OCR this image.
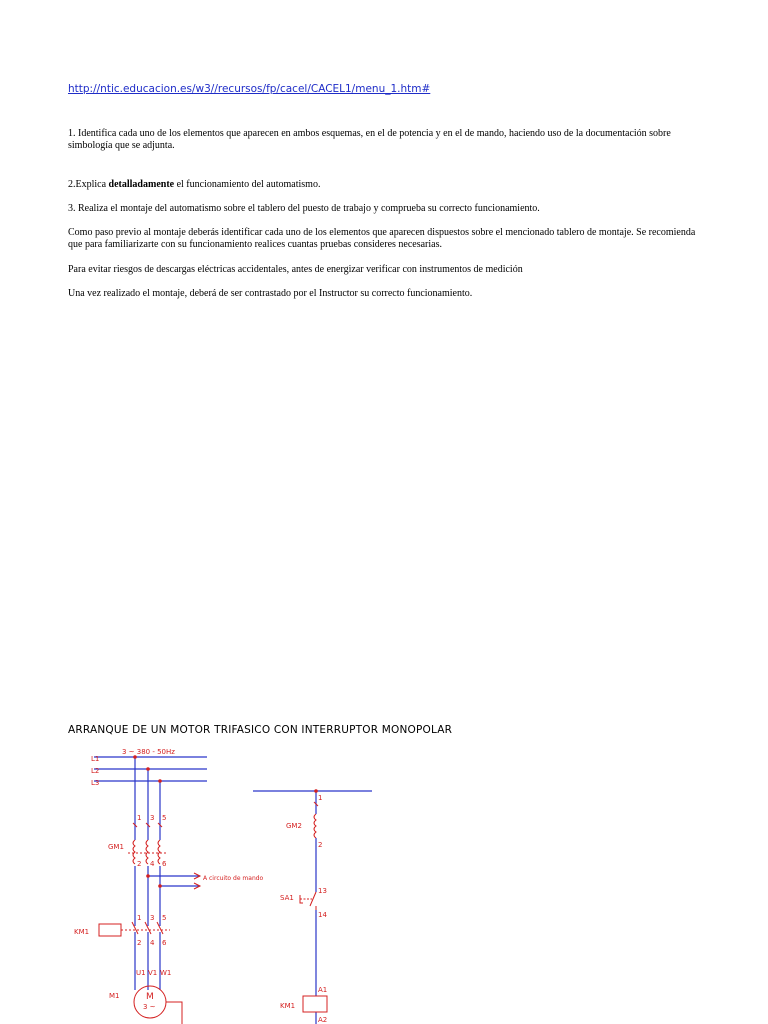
http://ntic.educacion.es/w3//recursos/fp/cacel/CACEL1/menu_1.htm#

1. Identifica cada uno de los elementos que aparecen en ambos esquemas, en el de potencia y en el de mando, haciendo uso de la documentación sobre simbología que se adjunta.

2.Explica detalladamente el funcionamiento del automatismo.

3. Realiza el montaje del automatismo sobre el tablero del puesto de trabajo y comprueba su correcto funcionamiento.

Como paso previo al montaje deberás identificar cada uno de los elementos que aparecen dispuestos sobre el mencionado tablero de montaje. Se recomienda que para familiarizarte con su funcionamiento realices cuantas pruebas consideres necesarias.

Para evitar riesgos de descargas eléctricas accidentales, antes de energizar verificar con instrumentos de medición

Una vez realizado el montaje, deberá de ser contrastado por el Instructor su correcto funcionamiento.

ARRANQUE DE UN MOTOR TRIFASICO CON INTERRUPTOR MONOPOLAR
3 ~ 380 - 50Hz
L1
L2
L3
GM1
1 3 5
2 4 6
A circuito de mando
KM1
1 3 5
2 4 6
U1 V1 W1
M1	M
3 ~
GM2
1
2
SA1
13
14
KM1
A1
A2
